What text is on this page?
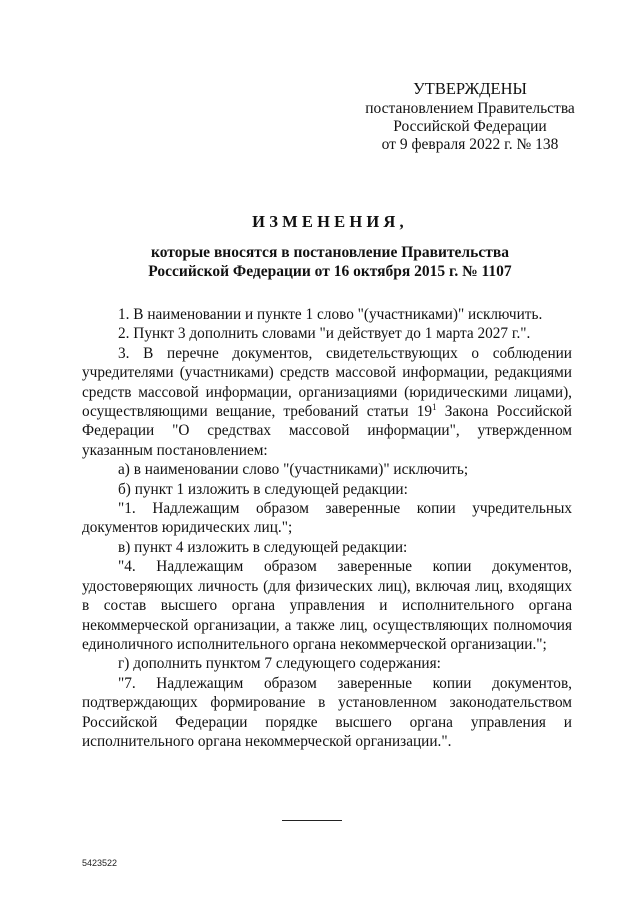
УТВЕРЖДЕНЫ
постановлением Правительства
Российской Федерации
от 9 февраля 2022 г. № 138
ИЗМЕНЕНИЯ,
которые вносятся в постановление Правительства
Российской Федерации от 16 октября 2015 г. № 1107

1. В наименовании и пункте 1 слово "(участниками)" исключить.

2. Пункт 3 дополнить словами "и действует до 1 марта 2027 г.".

3. В перечне документов, свидетельствующих о соблюдении учредителями (участниками) средств массовой информации, редакциями средств массовой информации, организациями (юридическими лицами), осуществляющими вещание, требований статьи $19^1$ Закона Российской Федерации "О средствах массовой информации", утвержденном указанным постановлением:

а) в наименовании слово "(участниками)" исключить;

б) пункт 1 изложить в следующей редакции:

"1. Надлежащим образом заверенные копии учредительных документов юридических лиц.";

в) пункт 4 изложить в следующей редакции:

"4. Надлежащим образом заверенные копии документов, удостоверяющих личность (для физических лиц), включая лиц, входящих в состав высшего органа управления и исполнительного органа некоммерческой организации, а также лиц, осуществляющих полномочия единоличного исполнительного органа некоммерческой организации.";

г) дополнить пунктом 7 следующего содержания:

"7. Надлежащим образом заверенные копии документов, подтверждающих формирование в установленном законодательством Российской Федерации порядке высшего органа управления и исполнительного органа некоммерческой организации.".

5423522
